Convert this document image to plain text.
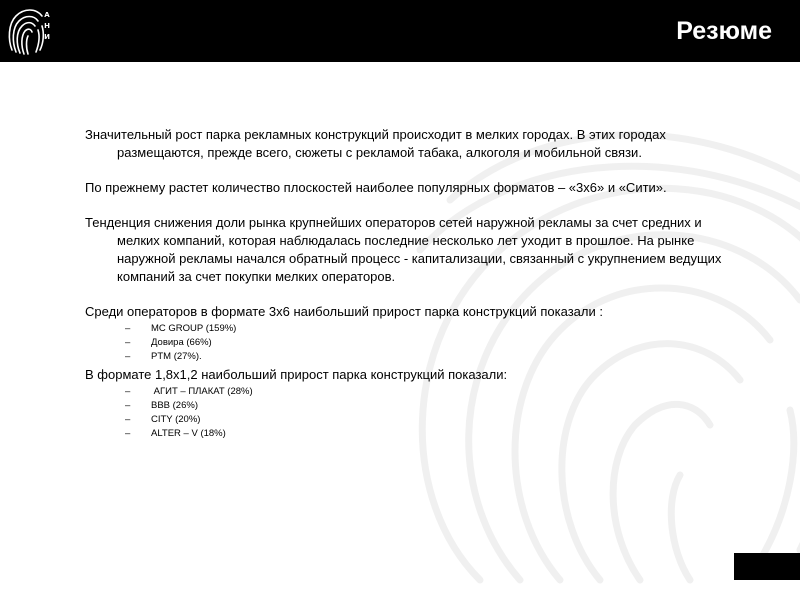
А
Н
И	Резюме

Значительный рост парка рекламных конструкций происходит в мелких городах. В этих городах размещаются, прежде всего, сюжеты с рекламой табака, алкоголя и мобильной связи.

По прежнему растет количество плоскостей наиболее популярных форматов – «3х6» и «Сити».

Тенденция снижения доли рынка крупнейших операторов сетей наружной рекламы за счет средних и мелких компаний, которая наблюдалась последние несколько лет уходит в прошлое. На рынке наружной рекламы начался обратный процесс - капитализации, связанный с укрупнением ведущих компаний за счет покупки мелких операторов.

Среди операторов в формате 3х6 наибольший прирост парка конструкций показали :

– MC GROUP (159%)
– Довира (66%)
– PTM (27%).

В формате 1,8х1,2 наибольший прирост парка конструкций показали:

– АГИТ – ПЛАКАТ (28%)
– BBB (26%)
– CITY (20%)
– ALTER – V (18%)
